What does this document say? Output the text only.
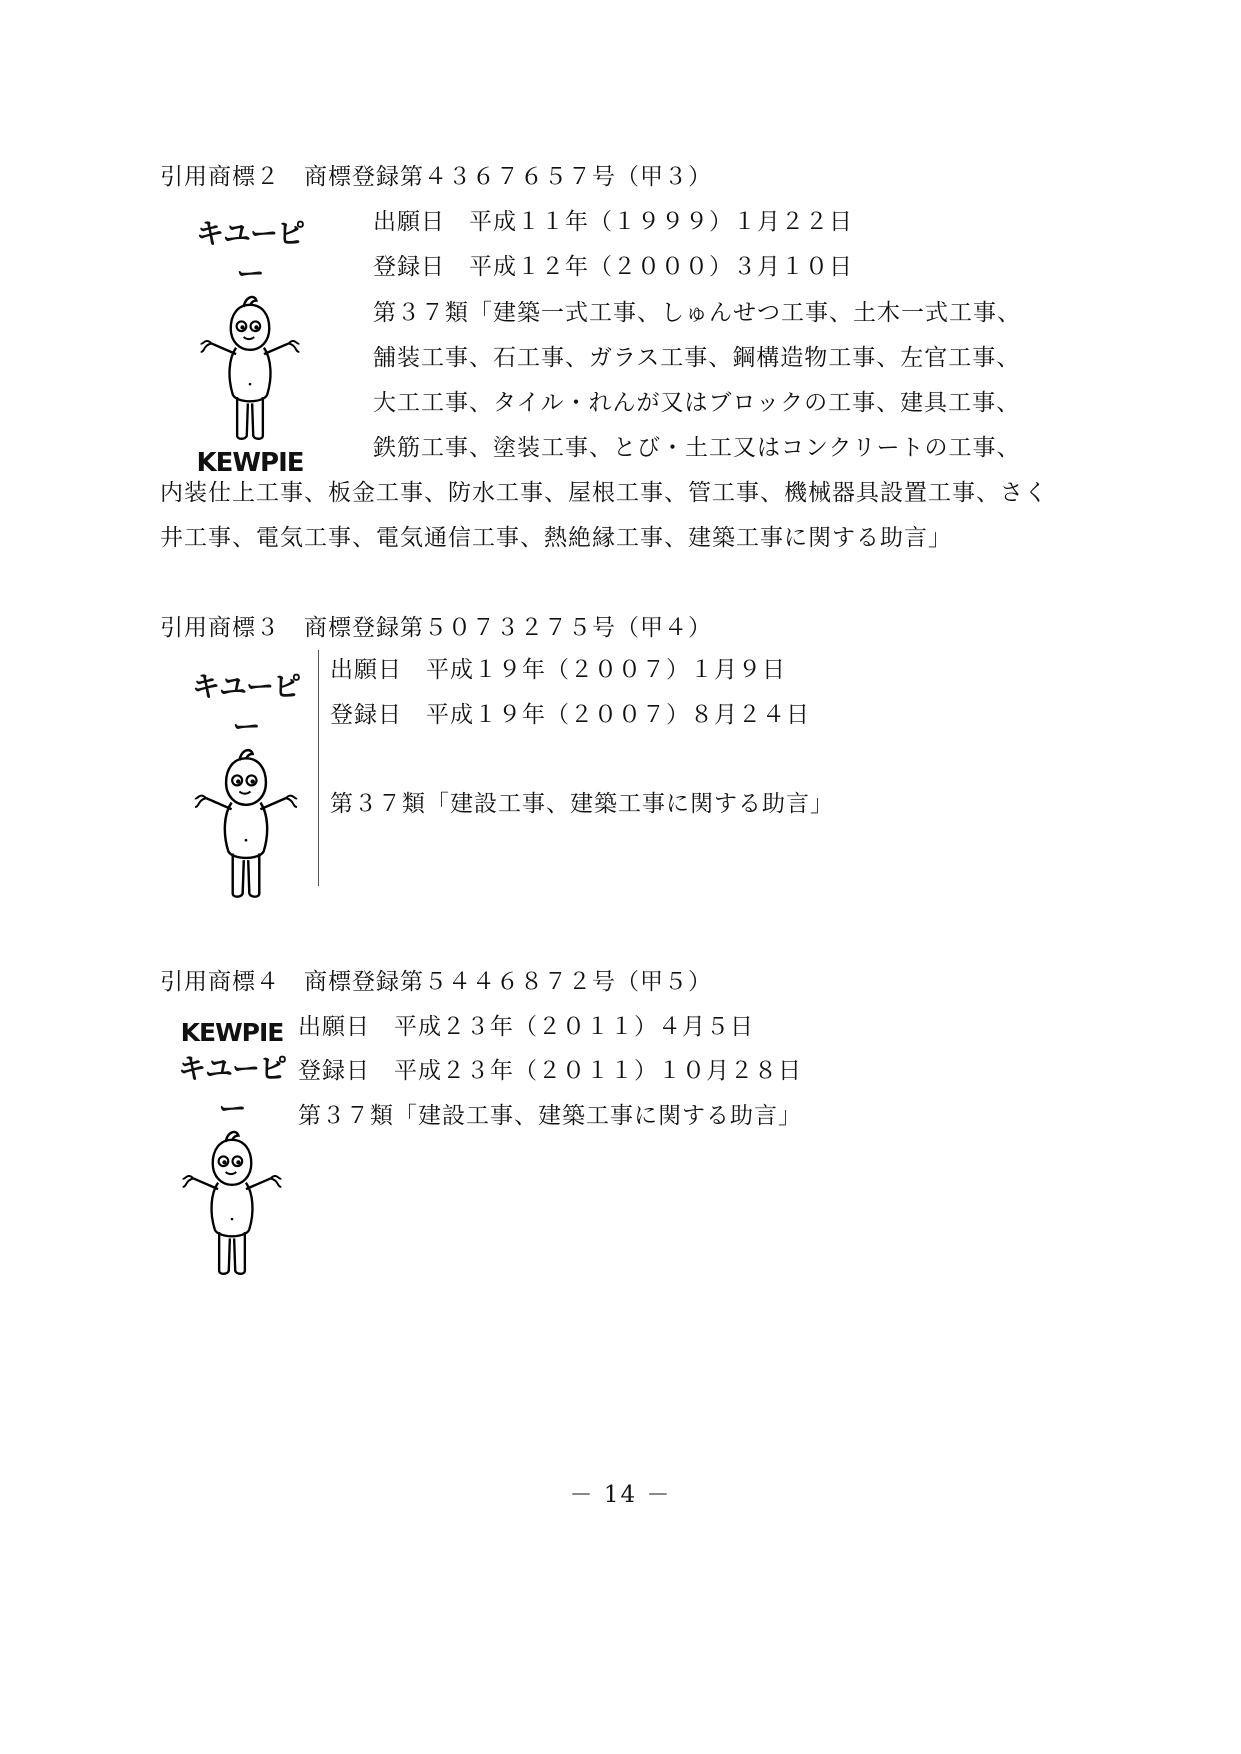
引用商標２　商標登録第４３６７６５７号（甲３）
キユーピー
KEWPIE
出願日　平成１１年（１９９９）１月２２日
登録日　平成１２年（２０００）３月１０日
第３７類「建築一式工事、しゅんせつ工事、土木一式工事、
舗装工事、石工事、ガラス工事、鋼構造物工事、左官工事、
大工工事、タイル・れんが又はブロックの工事、建具工事、
鉄筋工事、塗装工事、とび・土工又はコンクリートの工事、
内装仕上工事、板金工事、防水工事、屋根工事、管工事、機械器具設置工事、さく
井工事、電気工事、電気通信工事、熱絶縁工事、建築工事に関する助言」
引用商標３　商標登録第５０７３２７５号（甲４）
キユーピー
出願日　平成１９年（２００７）１月９日
登録日　平成１９年（２００７）８月２４日
第３７類「建設工事、建築工事に関する助言」
引用商標４　商標登録第５４４６８７２号（甲５）
KEWPIE
キユーピー
出願日　平成２３年（２０１１）４月５日
登録日　平成２３年（２０１１）１０月２８日
第３７類「建設工事、建築工事に関する助言」
－ 14 －
